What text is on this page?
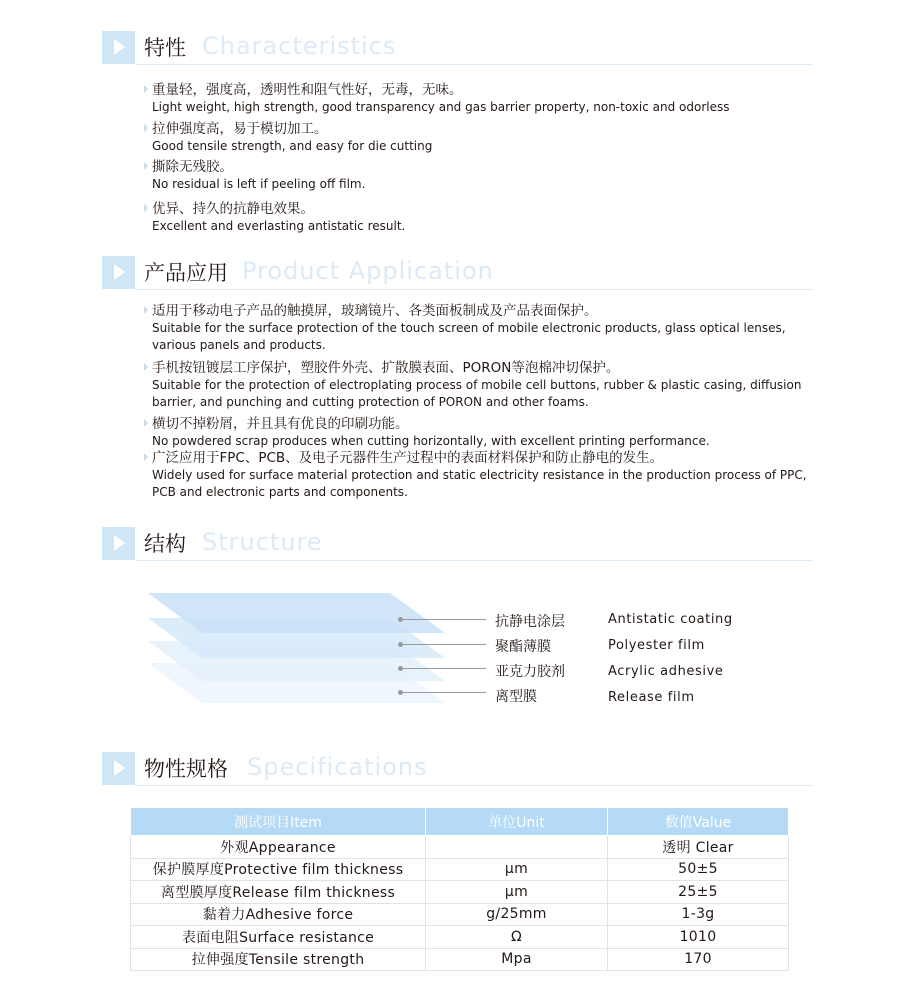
特性 Characteristics
重量轻，强度高，透明性和阻气性好，无毒，无味。
Light weight, high strength, good transparency and gas barrier property, non-toxic and odorless
拉伸强度高，易于模切加工。
Good tensile strength, and easy for die cutting
撕除无残胶。
No residual is left if peeling off film.
优异、持久的抗静电效果。
Excellent and everlasting antistatic result.
产品应用 Product Application
适用于移动电子产品的触摸屏，玻璃镜片、各类面板制成及产品表面保护。
Suitable for the surface protection of the touch screen of mobile electronic products, glass optical lenses, various panels and products.
手机按钮镀层工序保护，塑胶件外壳、扩散膜表面、PORON等泡棉冲切保护。
Suitable for the protection of electroplating process of mobile cell buttons, rubber & plastic casing, diffusion barrier, and punching and cutting protection of PORON and other foams.
横切不掉粉屑，并且具有优良的印刷功能。
No powdered scrap produces when cutting horizontally, with excellent printing performance.
广泛应用于FPC、PCB、及电子元器件生产过程中的表面材料保护和防止静电的发生。
Widely used for surface material protection and static electricity resistance in the production process of PPC, PCB and electronic parts and components.
结构 Structure
抗静电涂层	Antistatic coating
聚酯薄膜	Polyester film
亚克力胶剂	Acrylic adhesive
离型膜	Release film
物性规格 Specifications
测试项目Item	单位Unit	数值Value
外观Appearance		透明 Clear
保护膜厚度Protective film thickness	μm	50±5
离型膜厚度Release film thickness	μm	25±5
黏着力Adhesive force	g/25mm	1-3g
表面电阻Surface resistance	Ω	1010
拉伸强度Tensile strength	Mpa	170
